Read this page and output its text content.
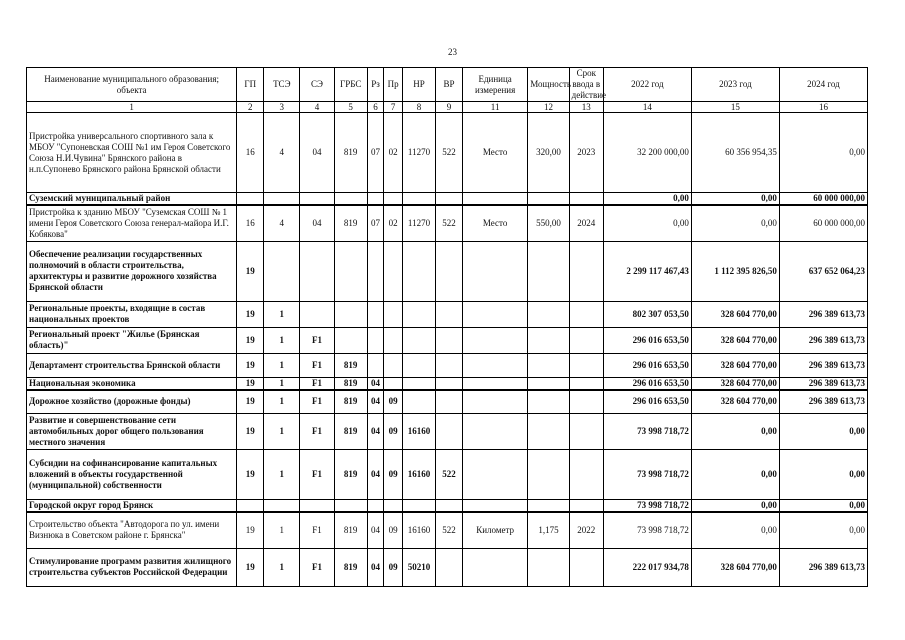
23
Наименование муниципального образования; объекта	ГП	ТСЭ	СЭ	ГРБС	Рз	Пр	НР	ВР	Единица измерения	Мощность	Срок ввода в действие	2022 год	2023 год	2024 год
1	2	3	4	5	6	7	8	9	11	12	13	14	15	16
Пристройка универсального спортивного зала к МБОУ "Супоневская СОШ №1 им Героя Советского Союза Н.И.Чувина" Брянского района в н.п.Супонево Брянского района Брянской области	16	4	04	819	07	02	11270	522	Место	320,00	2023	32 200 000,00	60 356 954,35	0,00
Суземский муниципальный район												0,00	0,00	60 000 000,00
Пристройка к зданию МБОУ "Суземская СОШ № 1 имени Героя Советского Союза генерал-майора И.Г. Кобякова"	16	4	04	819	07	02	11270	522	Место	550,00	2024	0,00	0,00	60 000 000,00
Обеспечение реализации государственных полномочий в области строительства, архитектуры и развитие дорожного хозяйства Брянской области	19											2 299 117 467,43	1 112 395 826,50	637 652 064,23
Региональные проекты, входящие в состав национальных проектов	19	1										802 307 053,50	328 604 770,00	296 389 613,73
Региональный проект "Жилье (Брянская область)"	19	1	F1									296 016 653,50	328 604 770,00	296 389 613,73
Департамент строительства Брянской области	19	1	F1	819								296 016 653,50	328 604 770,00	296 389 613,73
Национальная экономика	19	1	F1	819	04							296 016 653,50	328 604 770,00	296 389 613,73
Дорожное хозяйство (дорожные фонды)	19	1	F1	819	04	09						296 016 653,50	328 604 770,00	296 389 613,73
Развитие и совершенствование сети автомобильных дорог общего пользования местного значения	19	1	F1	819	04	09	16160					73 998 718,72	0,00	0,00
Субсидии на софинансирование капитальных вложений в объекты государственной (муниципальной) собственности	19	1	F1	819	04	09	16160	522				73 998 718,72	0,00	0,00
Городской округ город Брянск												73 998 718,72	0,00	0,00
Строительство объекта "Автодорога по ул. имени Визнюка в Советском районе г. Брянска"	19	1	F1	819	04	09	16160	522	Километр	1,175	2022	73 998 718,72	0,00	0,00
Стимулирование программ развития жилищного строительства субъектов Российской Федерации	19	1	F1	819	04	09	50210					222 017 934,78	328 604 770,00	296 389 613,73
